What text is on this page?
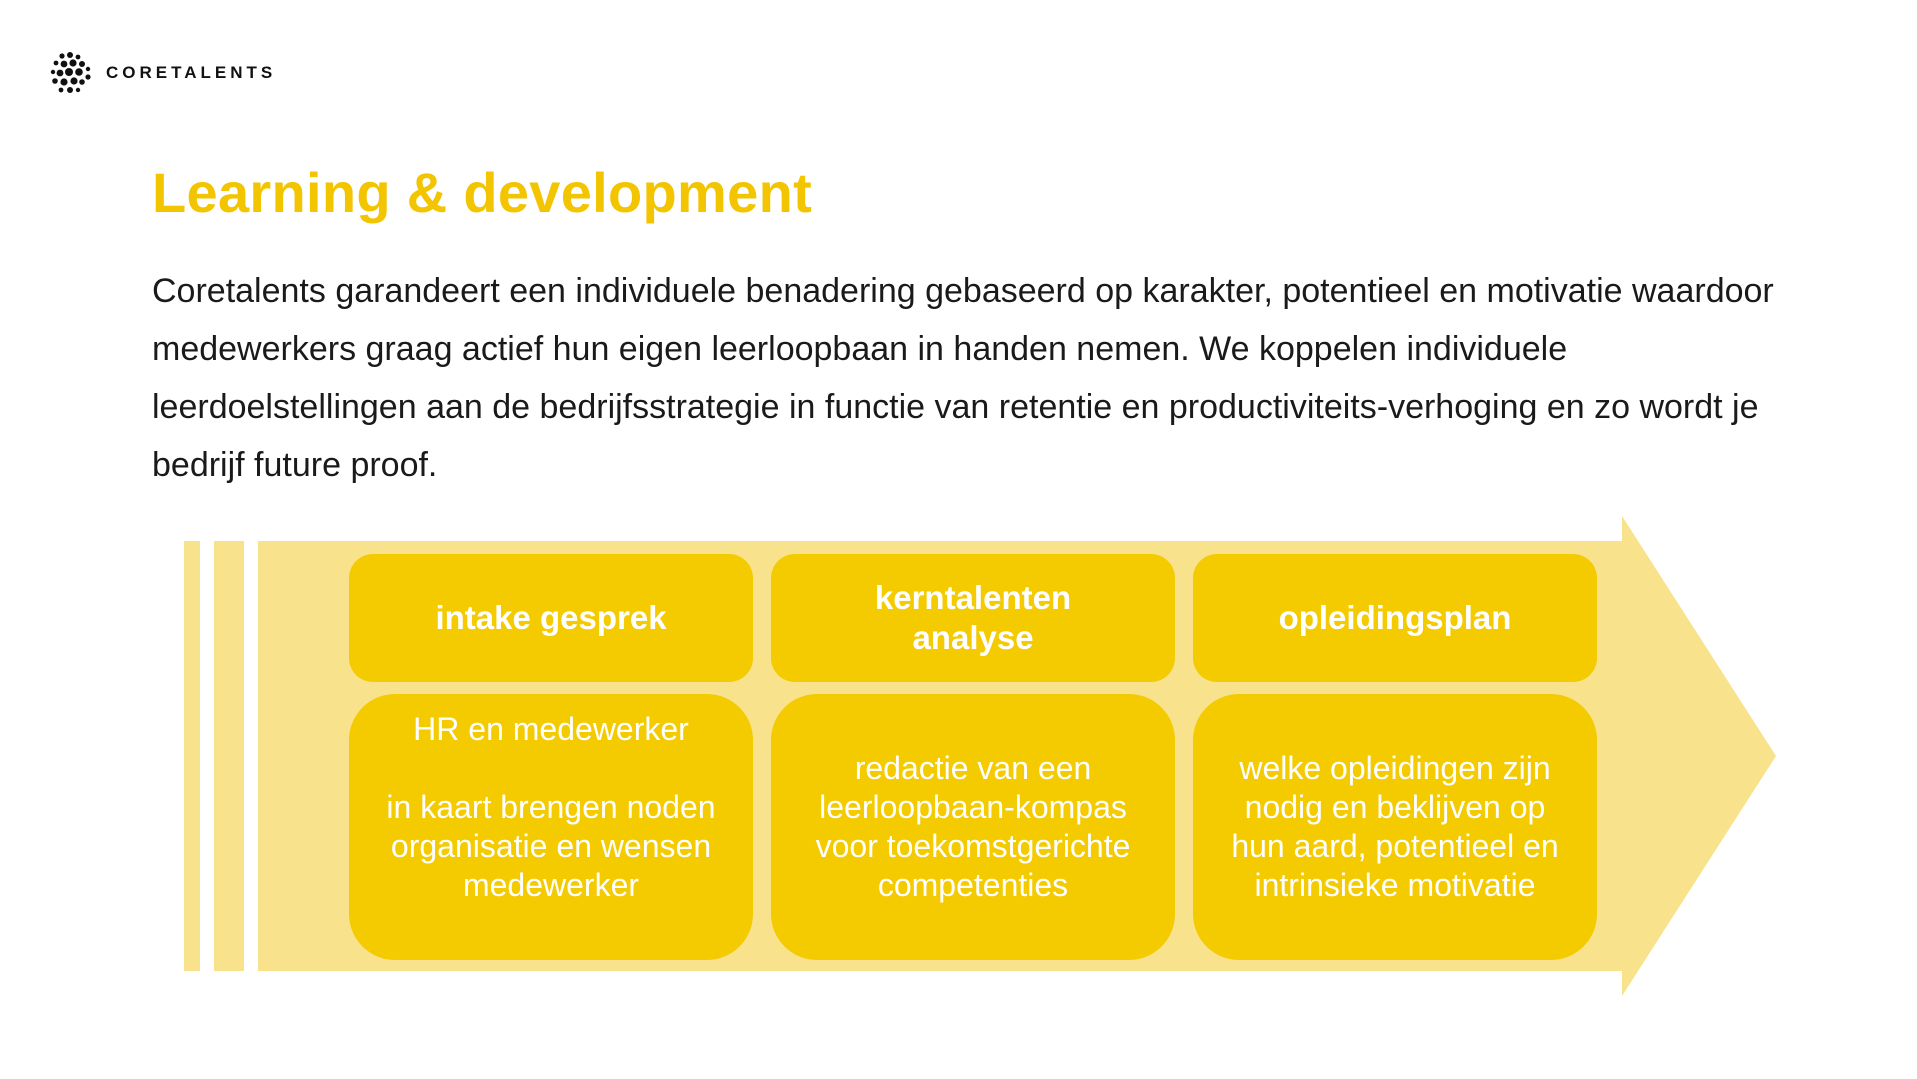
CORETALENTS
Learning & development

Coretalents garandeert een individuele benadering gebaseerd op karakter, potentieel en motivatie waardoor medewerkers graag actief hun eigen leerloopbaan in handen nemen. We koppelen individuele leerdoelstellingen aan de bedrijfsstrategie in functie van retentie en productiviteits-verhoging en zo wordt je bedrijf future proof.

intake gesprek
HR en medewerker

in kaart brengen noden organisatie en wensen medewerker
kerntalenten analyse
redactie van een leerloopbaan-kompas voor toekomstgerichte competenties
opleidingsplan
welke opleidingen zijn nodig en beklijven op hun aard, potentieel en intrinsieke motivatie
